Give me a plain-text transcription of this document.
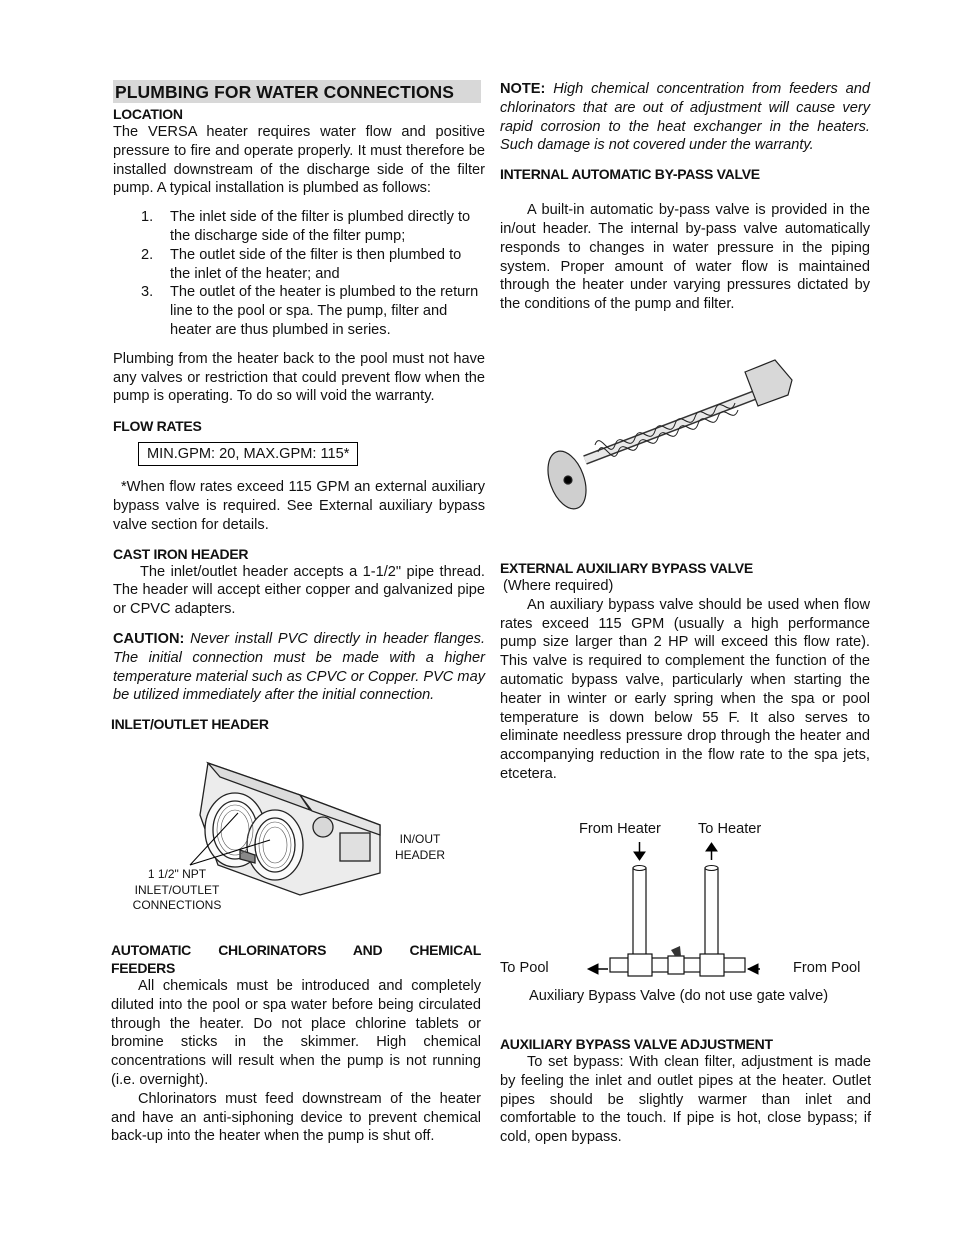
PLUMBING FOR WATER CONNECTIONS
LOCATION

The VERSA heater requires water flow and positive pressure to fire and operate properly. It must therefore be installed downstream of the discharge side of the filter pump. A typical installation is plumbed as follows:

1. The inlet side of the filter is plumbed directly to the discharge side of the filter pump;
2. The outlet side of the filter is then plumbed to the inlet of the heater; and
3. The outlet of the heater is plumbed to the return line to the pool or spa. The pump, filter and heater are thus plumbed in series.

Plumbing from the heater back to the pool must not have any valves or restriction that could prevent flow when the pump is operating. To do so will void the warranty.

FLOW RATES
MIN.GPM: 20, MAX.GPM: 115*

*When flow rates exceed 115 GPM an external auxiliary bypass valve is required. See External auxiliary bypass valve section for details.

CAST IRON HEADER

The inlet/outlet header accepts a 1-1/2" pipe thread. The header will accept either copper and galvanized pipe or CPVC adapters.

CAUTION: Never install PVC directly in header flanges. The initial connection must be made with a higher temperature material such as CPVC or Copper. PVC may be utilized immediately after the initial connection.

INLET/OUTLET HEADER
IN/OUT
HEADER
1 1/2" NPT
INLET/OUTLET
CONNECTIONS
AUTOMATIC CHLORINATORS AND CHEMICAL FEEDERS

All chemicals must be introduced and completely diluted into the pool or spa water before being circulated through the heater. Do not place chlorine tablets or bromine sticks in the skimmer. High chemical concentrations will result when the pump is not running (i.e. overnight).

Chlorinators must feed downstream of the heater and have an anti-siphoning device to prevent chemical back-up into the heater when the pump is shut off.

NOTE: High chemical concentration from feeders and chlorinators that are out of adjustment will cause very rapid corrosion to the heat exchanger in the heaters. Such damage is not covered under the warranty.

INTERNAL AUTOMATIC BY-PASS VALVE

A built-in automatic by-pass valve is provided in the in/out header. The internal by-pass valve automatically responds to changes in water pressure in the piping system. Proper amount of water flow is maintained through the heater under varying pressures dictated by the conditions of the pump and filter.

EXTERNAL AUXILIARY BYPASS VALVE

(Where required)

An auxiliary bypass valve should be used when flow rates exceed 115 GPM (usually a high performance pump size larger than 2 HP will exceed this flow rate). This valve is required to complement the function of the automatic bypass valve, particularly when starting the heater in winter or early spring when the spa or pool temperature is down below 55 F. It also serves to eliminate needless pressure drop through the heater and accompanying reduction in the flow rate to the spa jets, etcetera.

From Heater	To Heater
To Pool	From Pool
Auxiliary Bypass Valve (do not use gate valve)
AUXILIARY BYPASS VALVE ADJUSTMENT

To set bypass: With clean filter, adjustment is made by feeling the inlet and outlet pipes at the heater. Outlet pipes should be slightly warmer than inlet and comfortable to the touch. If pipe is hot, close bypass; if cold, open bypass.
